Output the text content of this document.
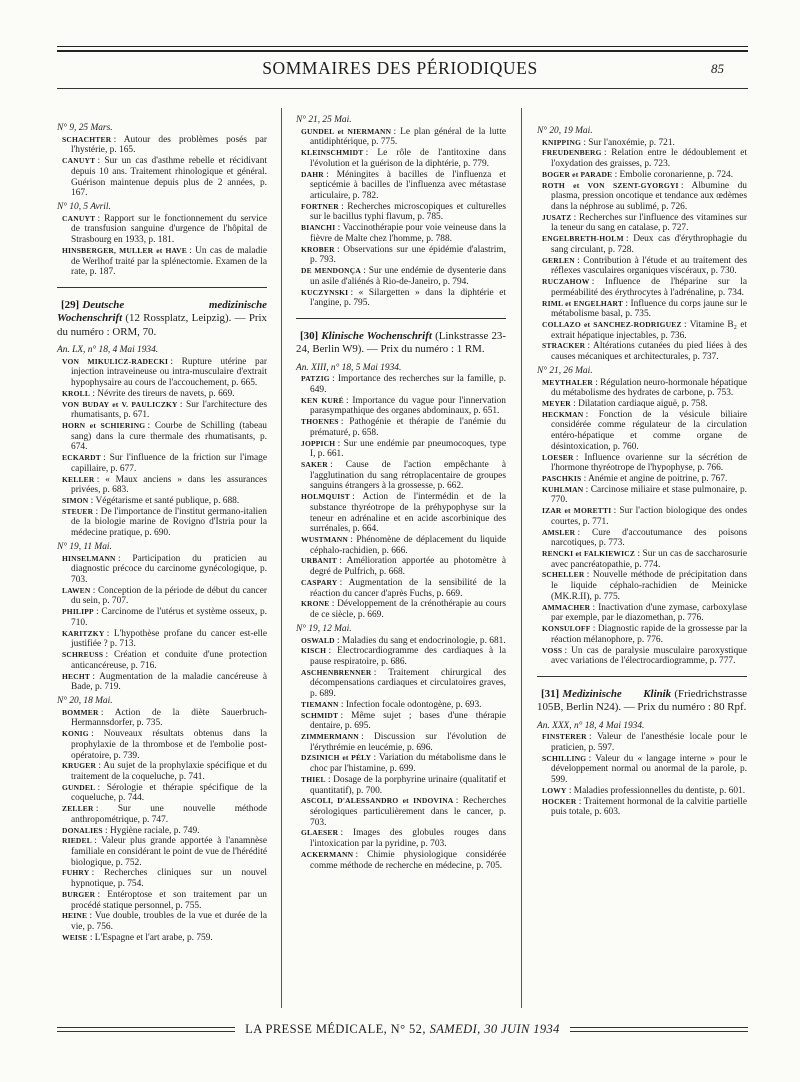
SOMMAIRES DES PÉRIODIQUES	85
N° 9, 25 Mars.
SCHACHTER : Autour des problèmes posés par l'hystérie, p. 165.
CANUYT : Sur un cas d'asthme rebelle et récidivant depuis 10 ans. Traitement rhinologique et général. Guérison maintenue depuis plus de 2 années, p. 167.
N° 10, 5 Avril.
CANUYT : Rapport sur le fonctionnement du service de transfusion sanguine d'urgence de l'hôpital de Strasbourg en 1933, p. 181.
HINSBERGER, MULLER et HAVE : Un cas de maladie de Werlhof traité par la splénectomie. Examen de la rate, p. 187.
[29] Deutsche medizinische Wochenschrift (12 Rossplatz, Leipzig). — Prix du numéro : ORM, 70.
An. LX, n° 18, 4 Mai 1934.
VON MIKULICZ-RADECKI : Rupture utérine par injection intraveineuse ou intra-musculaire d'extrait hypophysaire au cours de l'accouchement, p. 665.
KROLL : Névrite des tireurs de navets, p. 669.
VON BUDAY et V. PAULICZKY : Sur l'architecture des rhumatisants, p. 671.
HORN et SCHIERING : Courbe de Schilling (tabeau sang) dans la cure thermale des rhumatisants, p. 674.
ECKARDT : Sur l'influence de la friction sur l'image capillaire, p. 677.
KELLER : « Maux anciens » dans les assurances privées, p. 683.
SIMON : Végétarisme et santé publique, p. 688.
STEUER : De l'importance de l'institut germano-italien de la biologie marine de Rovigno d'Istria pour la médecine pratique, p. 690.
N° 19, 11 Mai.
HINSELMANN : Participation du praticien au diagnostic précoce du carcinome gynécologique, p. 703.
LAWEN : Conception de la période de début du cancer du sein, p. 707.
PHILIPP : Carcinome de l'utérus et système osseux, p. 710.
KARITZKY : L'hypothèse profane du cancer est-elle justifiée ? p. 713.
SCHREUSS : Création et conduite d'une protection anticancéreuse, p. 716.
HECHT : Augmentation de la maladie cancéreuse à Bade, p. 719.
N° 20, 18 Mai.
BOMMER : Action de la diète Sauerbruch-Hermannsdorfer, p. 735.
KONIG : Nouveaux résultats obtenus dans la prophylaxie de la thrombose et de l'embolie post-opératoire, p. 739.
KRUGER : Au sujet de la prophylaxie spécifique et du traitement de la coqueluche, p. 741.
GUNDEL : Sérologie et thérapie spécifique de la coqueluche, p. 744.
ZELLER : Sur une nouvelle méthode anthropométrique, p. 747.
DONALIES : Hygiène raciale, p. 749.
RIEDEL : Valeur plus grande apportée à l'anamnèse familiale en considérant le point de vue de l'hérédité biologique, p. 752.
FUHRY : Recherches cliniques sur un nouvel hypnotique, p. 754.
BURGER : Entéroptose et son traitement par un procédé statique personnel, p. 755.
HEINE : Vue double, troubles de la vue et durée de la vie, p. 756.
WEISE : L'Espagne et l'art arabe, p. 759.
N° 21, 25 Mai.
GUNDEL et NIERMANN : Le plan général de la lutte antidiphtérique, p. 775.
KLEINSCHMIDT : Le rôle de l'antitoxine dans l'évolution et la guérison de la diphtérie, p. 779.
DAHR : Méningites à bacilles de l'influenza et septicémie à bacilles de l'influenza avec métastase articulaire, p. 782.
FORTNER : Recherches microscopiques et culturelles sur le bacillus typhi flavum, p. 785.
BIANCHI : Vaccinothérapie pour voie veineuse dans la fièvre de Malte chez l'homme, p. 788.
KROBER : Observations sur une épidémie d'alastrim, p. 793.
DE MENDONÇA : Sur une endémie de dysenterie dans un asile d'aliénés à Rio-de-Janeiro, p. 794.
KUCZYNSKI : « Silargetten » dans la diphtérie et l'angine, p. 795.
[30] Klinische Wochenschrift (Linkstrasse 23-24, Berlin W9). — Prix du numéro : 1 RM.
An. XIII, n° 18, 5 Mai 1934.
PATZIG : Importance des recherches sur la famille, p. 649.
KEN KURÉ : Importance du vague pour l'innervation parasympathique des organes abdominaux, p. 651.
THOENES : Pathogénie et thérapie de l'anémie du prématuré, p. 658.
JOPPICH : Sur une endémie par pneumocoques, type I, p. 661.
SAKER : Cause de l'action empêchante à l'agglutination du sang rétroplacentaire de groupes sanguins étrangers à la grossesse, p. 662.
HOLMQUIST : Action de l'intermédin et de la substance thyréotrope de la préhypophyse sur la teneur en adrénaline et en acide ascorbinique des surrénales, p. 664.
WUSTMANN : Phénomène de déplacement du liquide céphalo-rachidien, p. 666.
URBANIT : Amélioration apportée au photomètre à degré de Pulfrich, p. 668.
CASPARY : Augmentation de la sensibilité de la réaction du cancer d'après Fuchs, p. 669.
KRONE : Développement de la crénothérapie au cours de ce siècle, p. 669.
N° 19, 12 Mai.
OSWALD : Maladies du sang et endocrinologie, p. 681.
KISCH : Electrocardiogramme des cardiaques à la pause respiratoire, p. 686.
ASCHENBRENNER : Traitement chirurgical des décompensations cardiaques et circulatoires graves, p. 689.
TIEMANN : Infection focale odontogène, p. 693.
SCHMIDT : Même sujet ; bases d'une thérapie dentaire, p. 695.
ZIMMERMANN : Discussion sur l'évolution de l'érythrémie en leucémie, p. 696.
DZSINICH et PÉLY : Variation du métabolisme dans le choc par l'histamine, p. 699.
THIEL : Dosage de la porphyrine urinaire (qualitatif et quantitatif), p. 700.
ASCOLI, D'ALESSANDRO et INDOVINA : Recherches sérologiques particulièrement dans le cancer, p. 703.
GLAESER : Images des globules rouges dans l'intoxication par la pyridine, p. 703.
ACKERMANN : Chimie physiologique considérée comme méthode de recherche en médecine, p. 705.
N° 20, 19 Mai.
KNIPPING : Sur l'anoxémie, p. 721.
FREUDENBERG : Relation entre le dédoublement et l'oxydation des graisses, p. 723.
BOGER et PARADE : Embolie coronarienne, p. 724.
ROTH et VON SZENT-GYORGYI : Albumine du plasma, pression oncotique et tendance aux œdèmes dans la néphrose au sublimé, p. 726.
JUSATZ : Recherches sur l'influence des vitamines sur la teneur du sang en catalase, p. 727.
ENGELBRETH-HOLM : Deux cas d'érythrophagie du sang circulant, p. 728.
GERLEN : Contribution à l'étude et au traitement des réflexes vasculaires organiques viscéraux, p. 730.
RUCZAHOW : Influence de l'héparine sur la perméabilité des érythrocytes à l'adrénaline, p. 734.
RIML et ENGELHART : Influence du corps jaune sur le métabolisme basal, p. 735.
COLLAZO et SANCHEZ-RODRIGUEZ : Vitamine B₂ et extrait hépatique injectables, p. 736.
STRACKER : Altérations cutanées du pied liées à des causes mécaniques et architecturales, p. 737.
N° 21, 26 Mai.
MEYTHALER : Régulation neuro-hormonale hépatique du métabolisme des hydrates de carbone, p. 753.
MEYER : Dilatation cardiaque aiguë, p. 758.
HECKMAN : Fonction de la vésicule biliaire considérée comme régulateur de la circulation entéro-hépatique et comme organe de désintoxication, p. 760.
LOESER : Influence ovarienne sur la sécrétion de l'hormone thyréotrope de l'hypophyse, p. 766.
PASCHKIS : Anémie et angine de poitrine, p. 767.
KUHLMAN : Carcinose miliaire et stase pulmonaire, p. 770.
IZAR et MORETTI : Sur l'action biologique des ondes courtes, p. 771.
AMSLER : Cure d'accoutumance des poisons narcotiques, p. 773.
RENCKI et FALKIEWICZ : Sur un cas de saccharosurie avec pancréatopathie, p. 774.
SCHELLER : Nouvelle méthode de précipitation dans le liquide céphalo-rachidien de Meinicke (MK.R.II), p. 775.
AMMACHER : Inactivation d'une zymase, carboxylase par exemple, par le diazomethan, p. 776.
KONSULOFF : Diagnostic rapide de la grossesse par la réaction mélanophore, p. 776.
VOSS : Un cas de paralysie musculaire paroxystique avec variations de l'électrocardiogramme, p. 777.
[31] Medizinische Klinik (Friedrichstrasse 105B, Berlin N24). — Prix du numéro : 80 Rpf.
An. XXX, n° 18, 4 Mai 1934.
FINSTERER : Valeur de l'anesthésie locale pour le praticien, p. 597.
SCHILLING : Valeur du « langage interne » pour le développement normal ou anormal de la parole, p. 599.
LOWY : Maladies professionnelles du dentiste, p. 601.
HOCKER : Traitement hormonal de la calvitie partielle puis totale, p. 603.
LA PRESSE MÉDICALE, N° 52, SAMEDI, 30 JUIN 1934
